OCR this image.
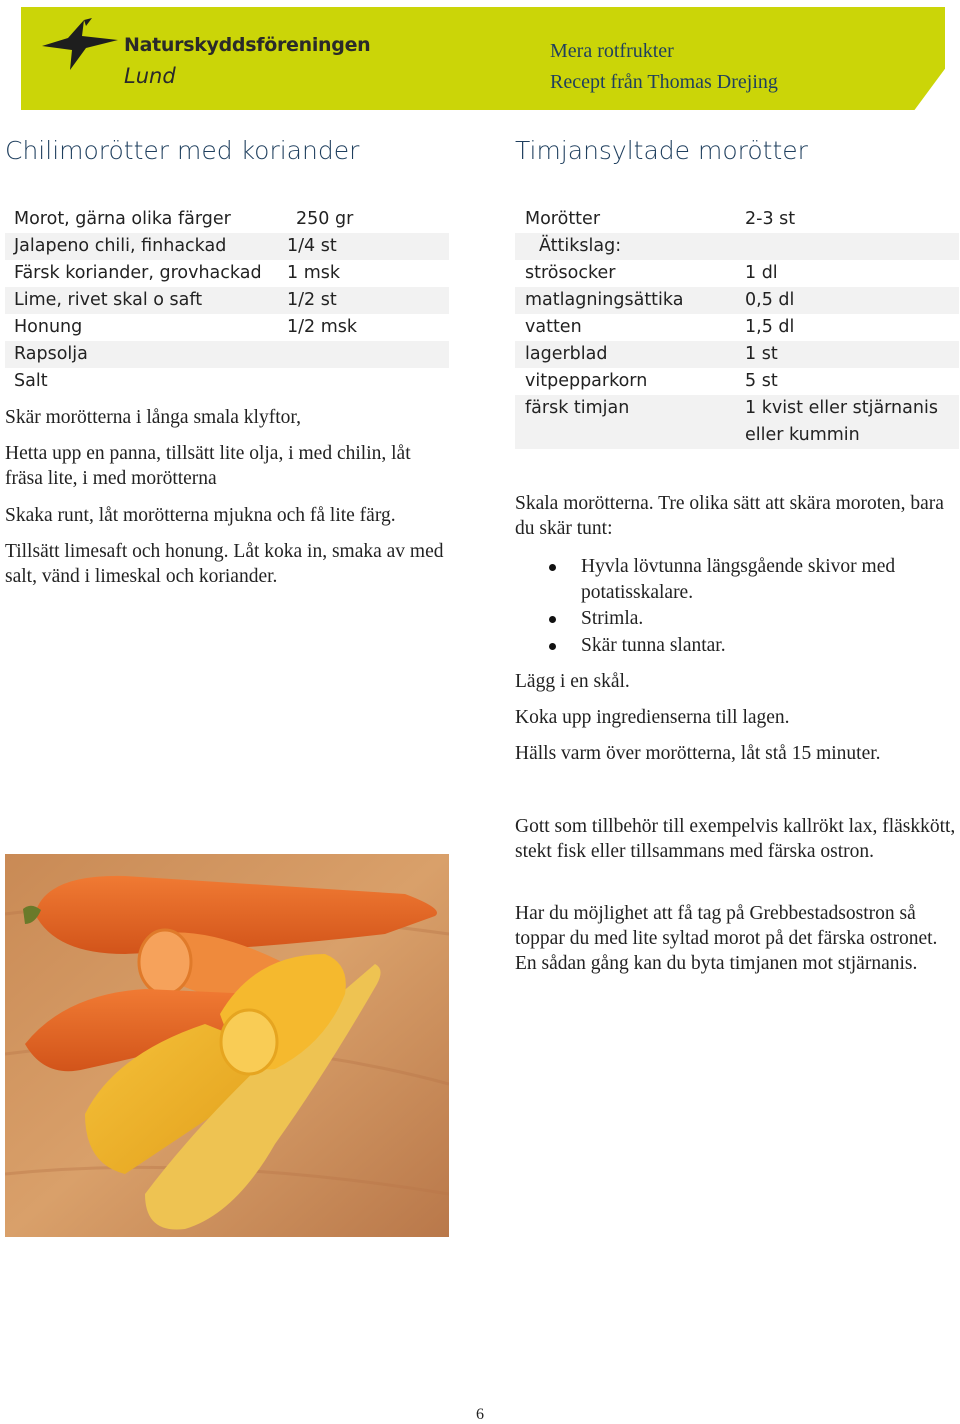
Naturskyddsföreningen
Lund
Mera rotfrukter
Recept från Thomas Drejing
Chilimorötter med koriander
Morot, gärna olika färger	250 gr
Jalapeno chili, finhackad	1/4 st
Färsk koriander, grovhackad 1 msk
Lime, rivet skal o saft	1/2 st
Honung	1/2 msk
Rapsolja
Salt

Skär morötterna i långa smala klyftor,

Hetta upp en panna, tillsätt lite olja, i med chilin, låt fräsa lite, i med morötterna

Skaka runt, låt morötterna mjukna och få lite färg.

Tillsätt limesaft och honung. Låt koka in, smaka av med salt, vänd i limeskal och koriander.

Timjansyltade morötter
Morötter	2-3 st
Ättikslag:
strösocker	1 dl
matlagningsättika	0,5 dl
vatten	1,5 dl
lagerblad	1 st
vitpepparkorn	5 st
färsk timjan	1 kvist eller stjärnanis eller kummin

Skala morötterna. Tre olika sätt att skära moroten, bara du skär tunt:

Hyvla lövtunna längsgående skivor med potatisskalare.
Strimla.
Skär tunna slantar.

Lägg i en skål.

Koka upp ingredienserna till lagen.

Hälls varm över morötterna, låt stå 15 minuter.

Gott som tillbehör till exempelvis kallrökt lax, fläskkött, stekt fisk eller tillsammans med färska ostron.

Har du möjlighet att få tag på Grebbestadsostron så toppar du med lite syltad morot på det färska ostronet. En sådan gång kan du byta timjanen mot stjärnanis.

6
